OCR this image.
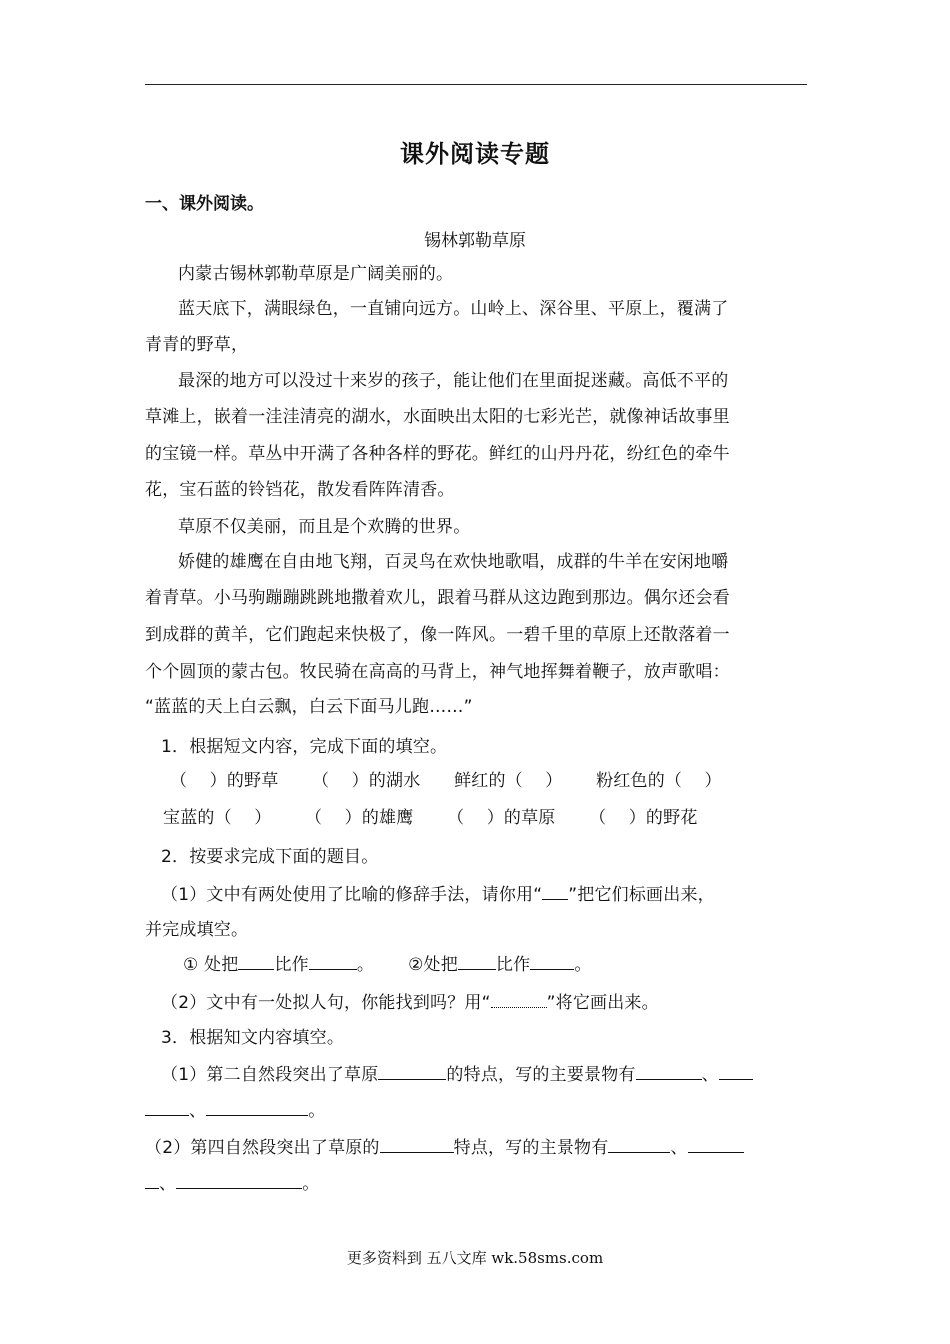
课外阅读专题
一、课外阅读。
锡林郭勒草原
内蒙古锡林郭勒草原是广阔美丽的。
蓝天底下，满眼绿色，一直铺向远方。山岭上、深谷里、平原上，覆满了
青青的野草，
最深的地方可以没过十来岁的孩子，能让他们在里面捉迷藏。高低不平的
草滩上，嵌着一洼洼清亮的湖水，水面映出太阳的七彩光芒，就像神话故事里
的宝镜一样。草丛中开满了各种各样的野花。鲜红的山丹丹花，纷红色的牵牛
花，宝石蓝的铃铛花，散发看阵阵清香。
草原不仅美丽，而且是个欢腾的世界。
娇健的雄鹰在自由地飞翔，百灵鸟在欢快地歌唱，成群的牛羊在安闲地嚼
着青草。小马驹蹦蹦跳跳地撒着欢儿，跟着马群从这边跑到那边。偶尔还会看
到成群的黄羊，它们跑起来快极了，像一阵风。一碧千里的草原上还散落着一
个个圆顶的蒙古包。牧民骑在高高的马背上，神气地挥舞着鞭子，放声歌唱：
“蓝蓝的天上白云飘，白云下面马儿跑……”
1．根据短文内容，完成下面的填空。
（    ）的野草      （    ）的湖水      鲜红的（    ）      粉红色的（    ）
宝蓝的（    ）      （    ）的雄鹰      （    ）的草原      （    ）的野花
2．按要求完成下面的题目。
（1）文中有两处使用了比喻的修辞手法，请你用“ ”把它们标画出来，
并完成填空。
① 处把 比作	。 ②处把 比作	。
（2）文中有一处拟人句，你能找到吗？用“	”将它画出来。
3．根据知文内容填空。
（1）第二自然段突出了草原	的特点，写的主要景物有	、
、	。
（2）第四自然段突出了草原的	特点，写的主景物有	、
、	。
更多资料到 五八文库 wk.58sms.com
